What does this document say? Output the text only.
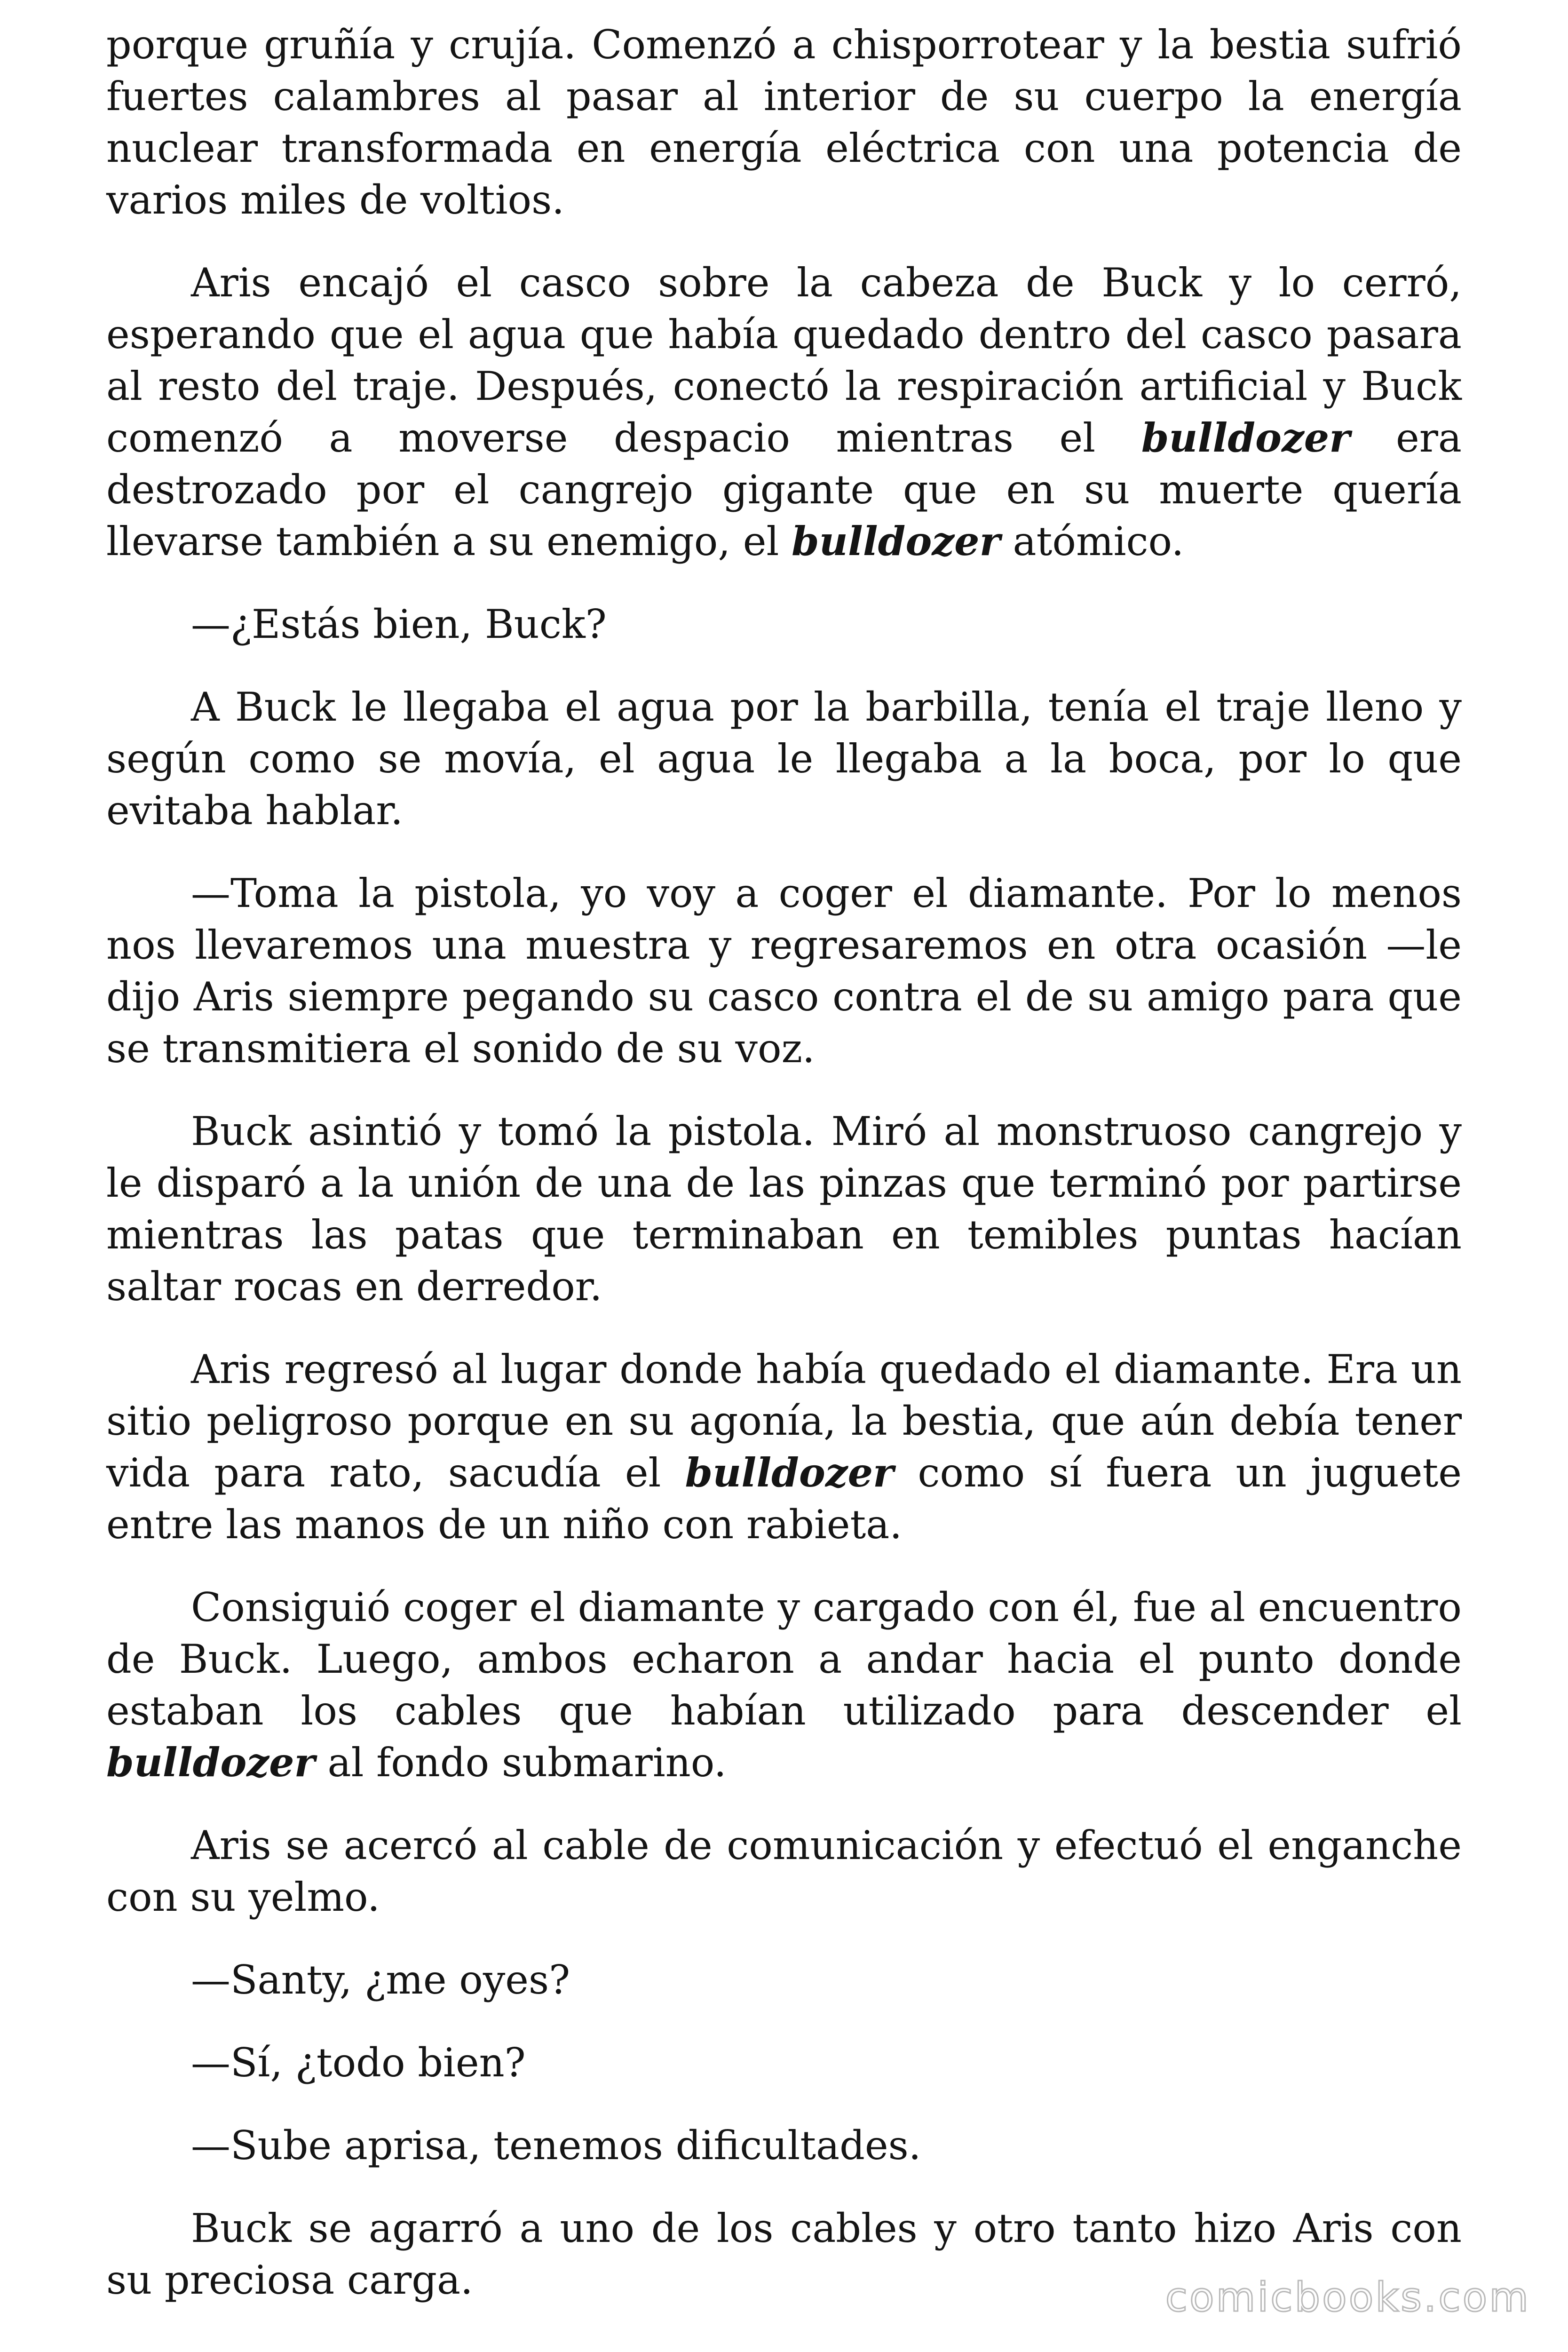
porque gruñía y crujía. Comenzó a chisporrotear y la bestia sufrió fuertes calambres al pasar al interior de su cuerpo la energía nuclear transformada en energía eléctrica con una potencia de varios miles de voltios.

Aris encajó el casco sobre la cabeza de Buck y lo cerró, esperando que el agua que había quedado dentro del casco pasara al resto del traje. Después, conectó la respiración artificial y Buck comenzó a moverse despacio mientras el bulldozer era destrozado por el cangrejo gigante que en su muerte quería llevarse también a su enemigo, el bulldozer atómico.

—¿Estás bien, Buck?

A Buck le llegaba el agua por la barbilla, tenía el traje lleno y según como se movía, el agua le llegaba a la boca, por lo que evitaba hablar.

—Toma la pistola, yo voy a coger el diamante. Por lo menos nos llevaremos una muestra y regresaremos en otra ocasión —le dijo Aris siempre pegando su casco contra el de su amigo para que se transmitiera el sonido de su voz.

Buck asintió y tomó la pistola. Miró al monstruoso cangrejo y le disparó a la unión de una de las pinzas que terminó por partirse mientras las patas que terminaban en temibles puntas hacían saltar rocas en derredor.

Aris regresó al lugar donde había quedado el diamante. Era un sitio peligroso porque en su agonía, la bestia, que aún debía tener vida para rato, sacudía el bulldozer como sí fuera un juguete entre las manos de un niño con rabieta.

Consiguió coger el diamante y cargado con él, fue al encuentro de Buck. Luego, ambos echaron a andar hacia el punto donde estaban los cables que habían utilizado para descender el bulldozer al fondo submarino.

Aris se acercó al cable de comunicación y efectuó el enganche con su yelmo.

—Santy, ¿me oyes?

—Sí, ¿todo bien?

—Sube aprisa, tenemos dificultades.

Buck se agarró a uno de los cables y otro tanto hizo Aris con su preciosa carga.	comicbooks.com
